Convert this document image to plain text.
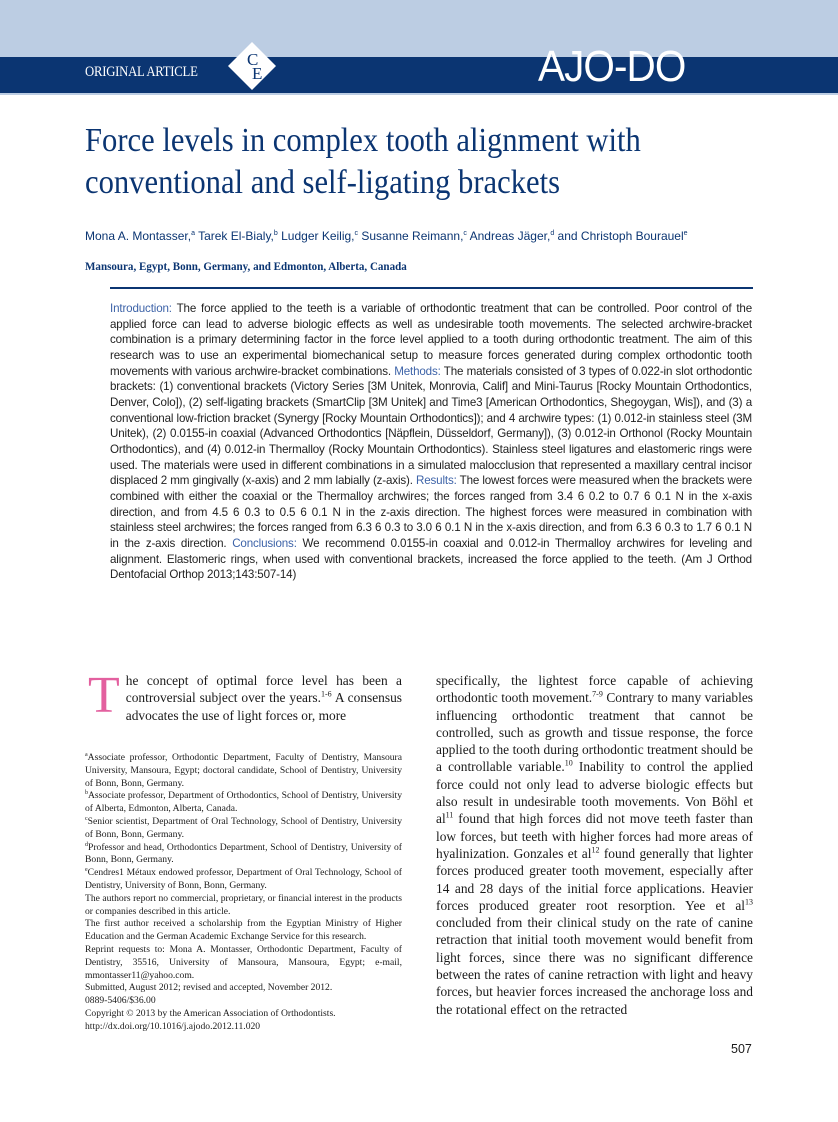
ORIGINAL ARTICLE
C
E	AJO-DO
Force levels in complex tooth alignment with conventional and self-ligating brackets
Mona A. Montasser,$^a$ Tarek El-Bialy,$^b$ Ludger Keilig,$^c$ Susanne Reimann,$^c$ Andreas Jäger,$^d$ and Christoph Bourauel$^e$
Mansoura, Egypt, Bonn, Germany, and Edmonton, Alberta, Canada
Introduction: The force applied to the teeth is a variable of orthodontic treatment that can be controlled. Poor control of the applied force can lead to adverse biologic effects as well as undesirable tooth movements. The selected archwire-bracket combination is a primary determining factor in the force level applied to a tooth during orthodontic treatment. The aim of this research was to use an experimental biomechanical setup to measure forces generated during complex orthodontic tooth movements with various archwire-bracket combinations. Methods: The materials consisted of 3 types of 0.022-in slot orthodontic brackets: (1) conventional brackets (Victory Series [3M Unitek, Monrovia, Calif] and Mini-Taurus [Rocky Mountain Orthodontics, Denver, Colo]), (2) self-ligating brackets (SmartClip [3M Unitek] and Time3 [American Orthodontics, Shegoygan, Wis]), and (3) a conventional low-friction bracket (Synergy [Rocky Mountain Orthodontics]); and 4 archwire types: (1) 0.012-in stainless steel (3M Unitek), (2) 0.0155-in coaxial (Advanced Orthodontics [Näpflein, Düsseldorf, Germany]), (3) 0.012-in Orthonol (Rocky Mountain Orthodontics), and (4) 0.012-in Thermalloy (Rocky Mountain Orthodontics). Stainless steel ligatures and elastomeric rings were used. The materials were used in different combinations in a simulated malocclusion that represented a maxillary central incisor displaced 2 mm gingivally (x-axis) and 2 mm labially (z-axis). Results: The lowest forces were measured when the brackets were combined with either the coaxial or the Thermalloy archwires; the forces ranged from 3.4 6 0.2 to 0.7 6 0.1 N in the x-axis direction, and from 4.5 6 0.3 to 0.5 6 0.1 N in the z-axis direction. The highest forces were measured in combination with stainless steel archwires; the forces ranged from 6.3 6 0.3 to 3.0 6 0.1 N in the x-axis direction, and from 6.3 6 0.3 to 1.7 6 0.1 N in the z-axis direction. Conclusions: We recommend 0.0155-in coaxial and 0.012-in Thermalloy archwires for leveling and alignment. Elastomeric rings, when used with conventional brackets, increased the force applied to the teeth. (Am J Orthod Dentofacial Orthop 2013;143:507-14)
T he concept of optimal force level has been a controversial subject over the years.$^{1-6}$ A consensus advocates the use of light forces or, more

$^a$Associate professor, Orthodontic Department, Faculty of Dentistry, Mansoura University, Mansoura, Egypt; doctoral candidate, School of Dentistry, University of Bonn, Bonn, Germany.

$^b$Associate professor, Department of Orthodontics, School of Dentistry, University of Alberta, Edmonton, Alberta, Canada.

$^c$Senior scientist, Department of Oral Technology, School of Dentistry, University of Bonn, Bonn, Germany.

$^d$Professor and head, Orthodontics Department, School of Dentistry, University of Bonn, Bonn, Germany.

$^e$Cendres1 Métaux endowed professor, Department of Oral Technology, School of Dentistry, University of Bonn, Bonn, Germany.

The authors report no commercial, proprietary, or financial interest in the products or companies described in this article.

The first author received a scholarship from the Egyptian Ministry of Higher Education and the German Academic Exchange Service for this research.

Reprint requests to: Mona A. Montasser, Orthodontic Department, Faculty of Dentistry, 35516, University of Mansoura, Mansoura, Egypt; e-mail, mmontasser11@yahoo.com.

Submitted, August 2012; revised and accepted, November 2012.

0889-5406/$36.00

Copyright © 2013 by the American Association of Orthodontists.

http://dx.doi.org/10.1016/j.ajodo.2012.11.020

specifically, the lightest force capable of achieving orthodontic tooth movement.$^{7-9}$ Contrary to many variables influencing orthodontic treatment that cannot be controlled, such as growth and tissue response, the force applied to the tooth during orthodontic treatment should be a controllable variable.$^{10}$ Inability to control the applied force could not only lead to adverse biologic effects but also result in undesirable tooth movements. Von Böhl et $al^{11}$ found that high forces did not move teeth faster than low forces, but teeth with higher forces had more areas of hyalinization. Gonzales et $al^{12}$ found generally that lighter forces produced greater tooth movement, especially after 14 and 28 days of the initial force applications. Heavier forces produced greater root resorption. Yee et $al^{13}$ concluded from their clinical study on the rate of canine retraction that initial tooth movement would benefit from light forces, since there was no significant difference between the rates of canine retraction with light and heavy forces, but heavier forces increased the anchorage loss and the rotational effect on the retracted
507
